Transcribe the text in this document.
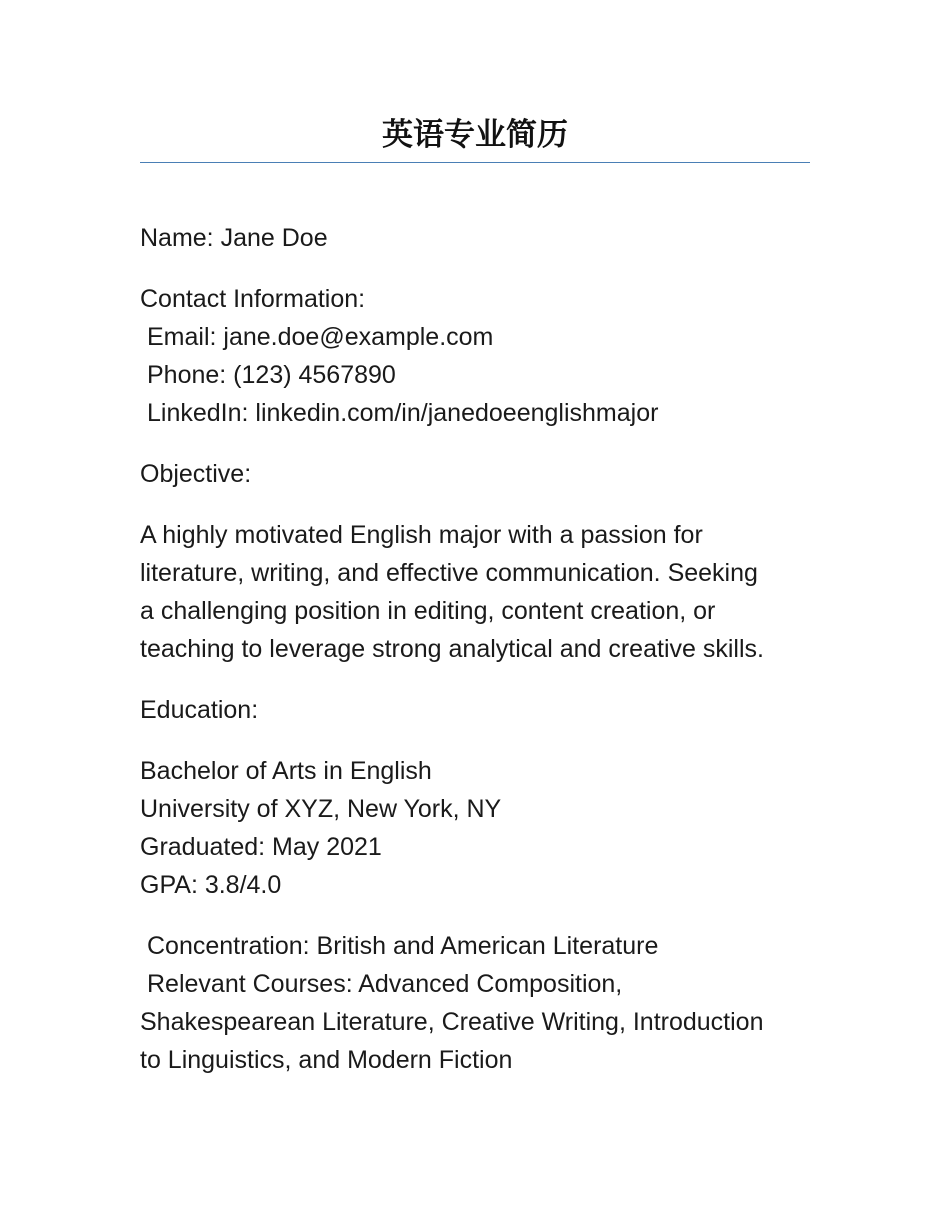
英语专业简历

Name: Jane Doe

Contact Information:
Email: jane.doe@example.com
Phone: (123) 4567890
LinkedIn: linkedin.com/in/janedoeenglishmajor

Objective:

A highly motivated English major with a passion for
literature, writing, and effective communication. Seeking
a challenging position in editing, content creation, or
teaching to leverage strong analytical and creative skills.

Education:

Bachelor of Arts in English
University of XYZ, New York, NY
Graduated: May 2021
GPA: 3.8/4.0

Concentration: British and American Literature
Relevant Courses: Advanced Composition,
Shakespearean Literature, Creative Writing, Introduction
to Linguistics, and Modern Fiction
